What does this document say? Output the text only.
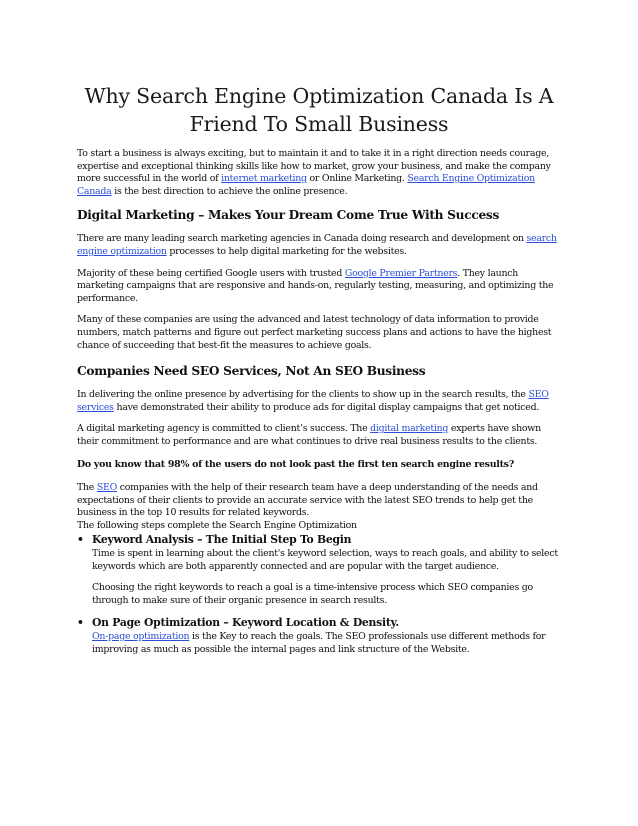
Why Search Engine Optimization Canada Is A Friend To Small Business

To start a business is always exciting, but to maintain it and to take it in a right direction needs courage, expertise and exceptional thinking skills like how to market, grow your business, and make the company more successful in the world of internet marketing or Online Marketing. Search Engine Optimization Canada is the best direction to achieve the online presence.

Digital Marketing – Makes Your Dream Come True With Success

There are many leading search marketing agencies in Canada doing research and development on search engine optimization processes to help digital marketing for the websites.

Majority of these being certified Google users with trusted Google Premier Partners. They launch marketing campaigns that are responsive and hands-on, regularly testing, measuring, and optimizing the performance.

Many of these companies are using the advanced and latest technology of data information to provide numbers, match patterns and figure out perfect marketing success plans and actions to have the highest chance of succeeding that best-fit the measures to achieve goals.

Companies Need SEO Services, Not An SEO Business

In delivering the online presence by advertising for the clients to show up in the search results, the SEO services have demonstrated their ability to produce ads for digital display campaigns that get noticed.

A digital marketing agency is committed to client’s success. The digital marketing experts have shown their commitment to performance and are what continues to drive real business results to the clients.

Do you know that 98% of the users do not look past the first ten search engine results?

The SEO companies with the help of their research team have a deep understanding of the needs and expectations of their clients to provide an accurate service with the latest SEO trends to help get the business in the top 10 results for related keywords.

The following steps complete the Search Engine Optimization

• Keyword Analysis – The Initial Step To Begin

Time is spent in learning about the client's keyword selection, ways to reach goals, and ability to select keywords which are both apparently connected and are popular with the target audience.

Choosing the right keywords to reach a goal is a time-intensive process which SEO companies go through to make sure of their organic presence in search results.

• On Page Optimization – Keyword Location & Density.

On-page optimization is the Key to reach the goals. The SEO professionals use different methods for improving as much as possible the internal pages and link structure of the Website.
